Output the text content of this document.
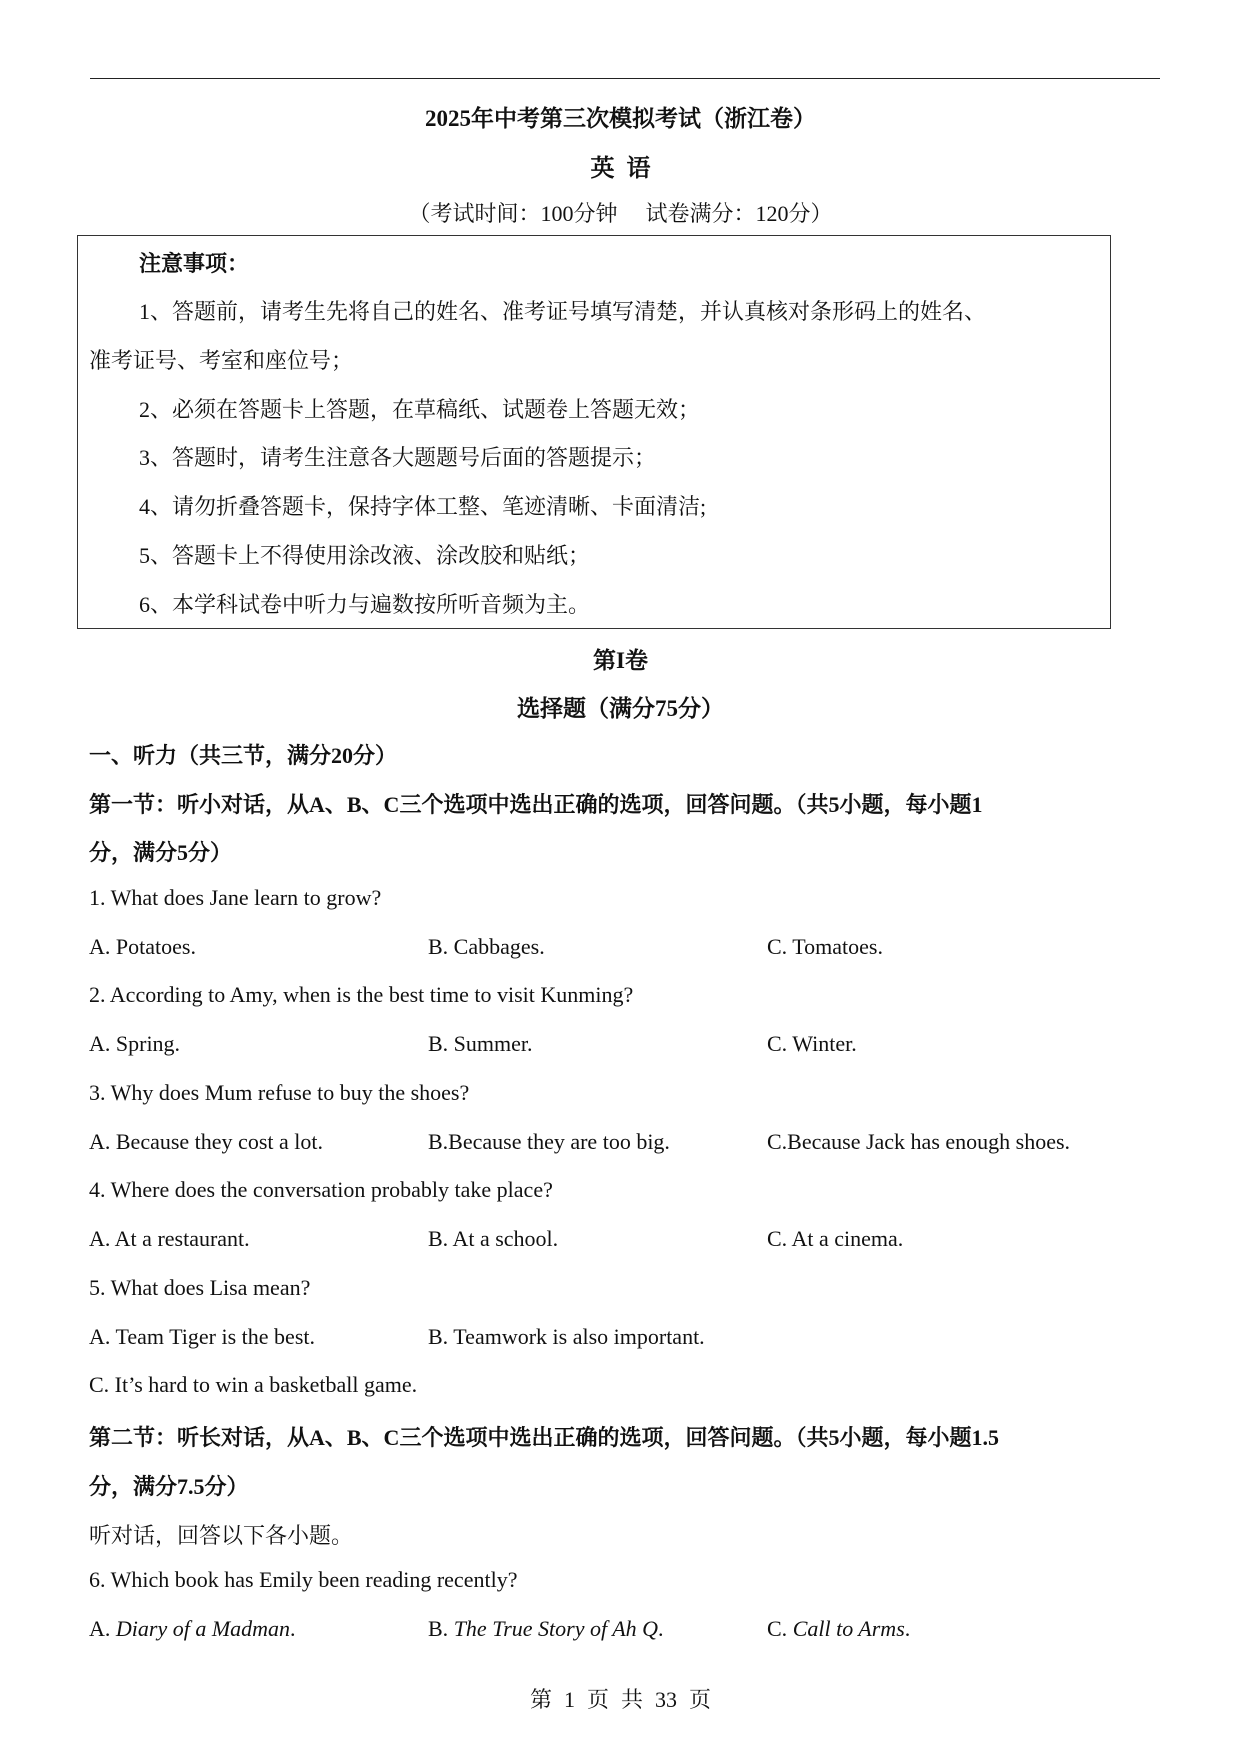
2025年中考第三次模拟考试（浙江卷）
英语
（考试时间：100分钟 试卷满分：120分）
注意事项：
1、答题前，请考生先将自己的姓名、准考证号填写清楚，并认真核对条形码上的姓名、
准考证号、考室和座位号；
2、必须在答题卡上答题，在草稿纸、试题卷上答题无效；
3、答题时，请考生注意各大题题号后面的答题提示；
4、请勿折叠答题卡，保持字体工整、笔迹清晰、卡面清洁;
5、答题卡上不得使用涂改液、涂改胶和贴纸；
6、本学科试卷中听力与遍数按所听音频为主。
第I卷
选择题（满分75分）
一、听力（共三节，满分20分）
第一节：听小对话，从A、B、C三个选项中选出正确的选项，回答问题。（共5小题，每小题1
分，满分5分）
1. What does Jane learn to grow?
A. Potatoes.	B. Cabbages.	C. Tomatoes.
2. According to Amy, when is the best time to visit Kunming?
A. Spring.	B. Summer.	C. Winter.
3. Why does Mum refuse to buy the shoes?
A. Because they cost a lot.	B.Because they are too big.	C.Because Jack has enough shoes.
4. Where does the conversation probably take place?
A. At a restaurant.	B. At a school.	C. At a cinema.
5. What does Lisa mean?
A. Team Tiger is the best.	B. Teamwork is also important.
C. It’s hard to win a basketball game.
第二节：听长对话，从A、B、C三个选项中选出正确的选项，回答问题。（共5小题，每小题1.5
分，满分7.5分）
听对话，回答以下各小题。
6. Which book has Emily been reading recently?
A. Diary of a Madman.	B. The True Story of Ah Q.	C. Call to Arms.
第 1 页 共 33 页
